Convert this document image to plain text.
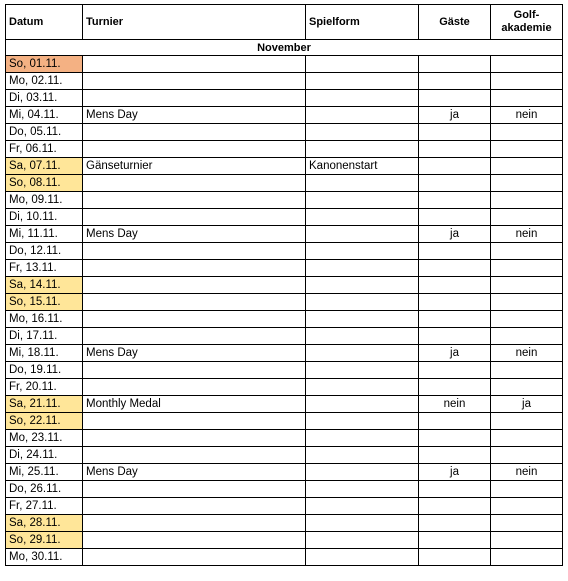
Datum	Turnier	Spielform	Gäste	Golf-
akademie
November				
So, 01.11.				
Mo, 02.11.				
Di, 03.11.				
Mi, 04.11.	Mens Day		ja	nein
Do, 05.11.				
Fr, 06.11.				
Sa, 07.11.	Gänseturnier	Kanonenstart		
So, 08.11.				
Mo, 09.11.				
Di, 10.11.				
Mi, 11.11.	Mens Day		ja	nein
Do, 12.11.				
Fr, 13.11.				
Sa, 14.11.				
So, 15.11.				
Mo, 16.11.				
Di, 17.11.				
Mi, 18.11.	Mens Day		ja	nein
Do, 19.11.				
Fr, 20.11.				
Sa, 21.11.	Monthly Medal		nein	ja
So, 22.11.				
Mo, 23.11.				
Di, 24.11.				
Mi, 25.11.	Mens Day		ja	nein
Do, 26.11.				
Fr, 27.11.				
Sa, 28.11.				
So, 29.11.				
Mo, 30.11.				
